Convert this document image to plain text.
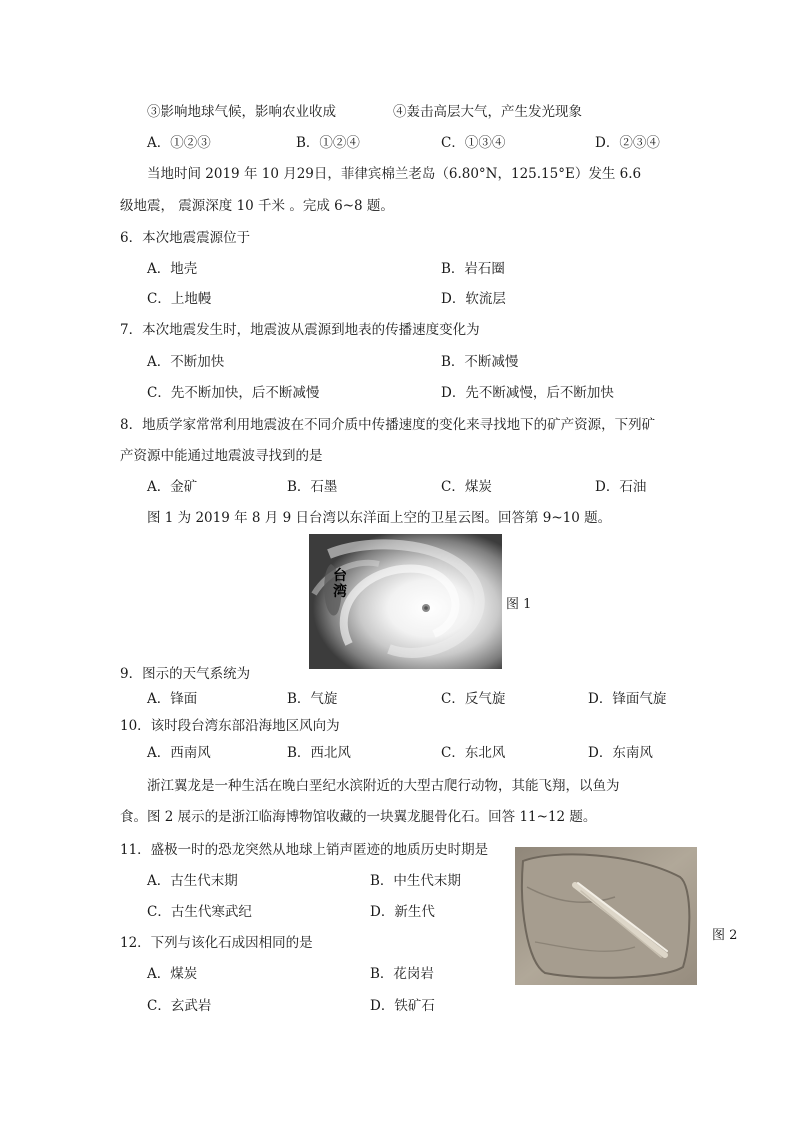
③影响地球气候，影响农业收成	④轰击高层大气，产生发光现象
A．①②③	B．①②④	C．①③④	D．②③④
当地时间 2019 年 10 月29日，菲律宾棉兰老岛（6.80°N，125.15°E）发生 6.6
级地震， 震源深度 10 千米 。完成 6~8 题。
6．本次地震震源位于
A．地壳	B．岩石圈
C．上地幔	D．软流层
7．本次地震发生时，地震波从震源到地表的传播速度变化为
A．不断加快	B．不断减慢
C．先不断加快，后不断减慢	D．先不断减慢，后不断加快
8．地质学家常常利用地震波在不同介质中传播速度的变化来寻找地下的矿产资源，下列矿
产资源中能通过地震波寻找到的是
A．金矿	B．石墨	C．煤炭	D．石油
图 1 为 2019 年 8 月 9 日台湾以东洋面上空的卫星云图。回答第 9~10 题。
台湾
图 1
9．图示的天气系统为
A．锋面	B．气旋	C．反气旋	D．锋面气旋
10．该时段台湾东部沿海地区风向为
A．西南风	B．西北风	C．东北风	D．东南风
浙江翼龙是一种生活在晚白垩纪水滨附近的大型古爬行动物，其能飞翔，以鱼为
食。图 2 展示的是浙江临海博物馆收藏的一块翼龙腿骨化石。回答 11~12 题。
11．盛极一时的恐龙突然从地球上销声匿迹的地质历史时期是
A．古生代末期	B．中生代末期
C．古生代寒武纪	D．新生代
12．下列与该化石成因相同的是
A．煤炭	B．花岗岩
C．玄武岩	D．铁矿石
图 2
